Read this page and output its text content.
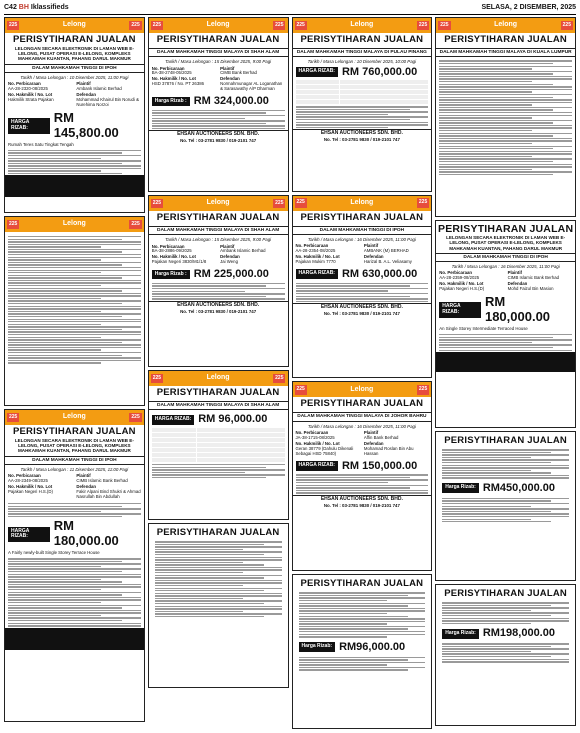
C42 BH Iklassifieds	SELASA, 2 DISEMBER, 2025
225	Lelong	225
PERISYTIHARAN JUALAN
LELONGAN SECARA ELEKTRONIK DI LAMAN WEB E-LELONG, PUSAT OPERASI E-LELONG, KOMPLEKS MAHKAMAH KUANTAN, PAHANG DARUL MAKMUR
DALAM MAHKAMAH TINGGI DI IPOH
Tarikh / Masa Lelongan : 10 Disember 2025, 11:00 Pagi
No. Perbicaraan
AA-28-2320-08/2025
Plaintif
Ambank Islamic Berhad
No. Hakmilik / No. Lot
Hakmilik Strata Pajakan
Defendan
Mohammad Khairul Bin Norudi & Nurehima Norzoi
HARGA RIZAB:
RM 145,800.00
Rumah Teres Satu Tingkat Tengah
225	Lelong	225
225	Lelong	225
PERISYTIHARAN JUALAN
LELONGAN SECARA ELEKTRONIK DI LAMAN WEB E-LELONG, PUSAT OPERASI E-LELONG, KOMPLEKS MAHKAMAH KUANTAN, PAHANG DARUL MAKMUR
DALAM MAHKAMAH TINGGI DI IPOH
Tarikh / Masa Lelongan : 11 Disember 2025, 11:00 Pagi
No. Perbicaraan
AA-28-2349-08/2025
Plaintif
CIMB Islamic Bank Berhad
No. Hakmilik / No. Lot
Pajakan Negeri H.S.(D)
Defendan
Fakir Alpani Bind Shukri & Ahmad Nasrullah Bin Abdullah
HARGA RIZAB:
RM 180,000.00
A Fairly newly-built Single Storey Terrace House
225	Lelong	225
PERISYTIHARAN JUALAN
DALAM MAHKAMAH TINGGI MALAYA DI SHAH ALAM
Tarikh / Masa Lelongan : 15 Disember 2025, 9:00 Pagi
No. Perbicaraan
BA-38-2748-05/2025
Plaintif
CIMB Bank Berhad
No. Hakmilik / No. Lot
HSD 37876 / No. PT 26386
Defendan
Normahmunagar AL Loganathan & Sarasavathy A/P Dharman
Harga Rizab : RM 324,000.00
EHSAN AUCTIONEERS SDN. BHD.
No. Tel : 03-2781 9830 / 019-2101 747
225	Lelong	225
PERISYTIHARAN JUALAN
DALAM MAHKAMAH TINGGI MALAYA DI SHAH ALAM
Tarikh / Masa Lelongan : 15 Disember 2025, 9:00 Pagi
No. Perbicaraan
BA-38-2886-09/2025
Plaintif
Ambank Islamic Berhad
No. Hakmilik / No. Lot
Pajakan Negeri 3830/M1/1/8
Defendan
Jai Weng
Harga Rizab : RM 225,000.00
EHSAN AUCTIONEERS SDN. BHD.
No. Tel : 03-2781 9830 / 019-2101 747
225	Lelong	225
PERISYTIHARAN JUALAN
DALAM MAHKAMAH TINGGI MALAYA DI SHAH ALAM
HARGA RIZAB: RM 96,000.00
PERISYTIHARAN JUALAN
225	Lelong	225
PERISYTIHARAN JUALAN
DALAM MAHKAMAH TINGGI MALAYA DI PULAU PINANG
Tarikh / Masa Lelongan : 10 Disember 2025, 10:00 Pagi
HARGA RIZAB: RM 760,000.00
EHSAN AUCTIONEERS SDN. BHD.
No. Tel : 03-2781 9830 / 019-2101 747
225	Lelong	225
PERISYTIHARAN JUALAN
DALAM MAHKAMAH TINGGI DI IPOH
Tarikh / Masa Lelongan : 16 Disember 2025, 11:00 Pagi
No. Perbicaraan
AA-28-2354-08/2025
Plaintif
AMBANK (M) BERHAD
No. Hakmilik / No. Lot
Pajakan Mukim 7770
Defendan
Harizal B. A.L. Veliasamy
HARGA RIZAB: RM 630,000.00
EHSAN AUCTIONEERS SDN. BHD.
No. Tel : 03-2781 9830 / 019-2101 747
225	Lelong	225
PERISYTIHARAN JUALAN
DALAM MAHKAMAH TINGGI MALAYA DI JOHOR BAHRU
Tarikh / Masa Lelongan : 16 Disember 2025, 11:00 Pagi
No. Perbicaraan
JA-38-1715-08/2025
Plaintif
Affin Bank Berhad
No. Hakmilik / No. Lot
Geran 38779 (Dahulu Dikenali Sebagai HSD 75840)
Defendan
Mohamad Roslan Bin Abu Hassan
HARGA RIZAB: RM 150,000.00
EHSAN AUCTIONEERS SDN. BHD.
No. Tel : 03-2781 9830 / 019-2101 747
PERISYTIHARAN JUALAN
Harga Rizab: RM96,000.00
225	Lelong	225
PERISYTIHARAN JUALAN
DALAM MAHKAMAH TINGGI MALAYA DI KUALA LUMPUR
PERISYTIHARAN JUALAN
LELONGAN SECARA ELEKTRONIK DI LAMAN WEB E-LELONG, PUSAT OPERASI E-LELONG, KOMPLEKS MAHKAMAH KUANTAN, PAHANG DARUL MAKMUR
DALAM MAHKAMAH TINGGI DI IPOH
Tarikh / Masa Lelongan : 16 Disember 2025, 11:00 Pagi
No. Perbicaraan
AA-28-2359-08/2025
Plaintif
CIMB Islamic Bank Berhad
No. Hakmilik / No. Lot
Pajakan Negeri H.S.(D)
Defendan
Mohd Faizul Bin Masion
HARGA RIZAB:
RM 180,000.00
An Single Storey Intermediate Terraced House
PERISYTIHARAN JUALAN
Harga Rizab: RM450,000.00
PERISYTIHARAN JUALAN
Harga Rizab: RM198,000.00
